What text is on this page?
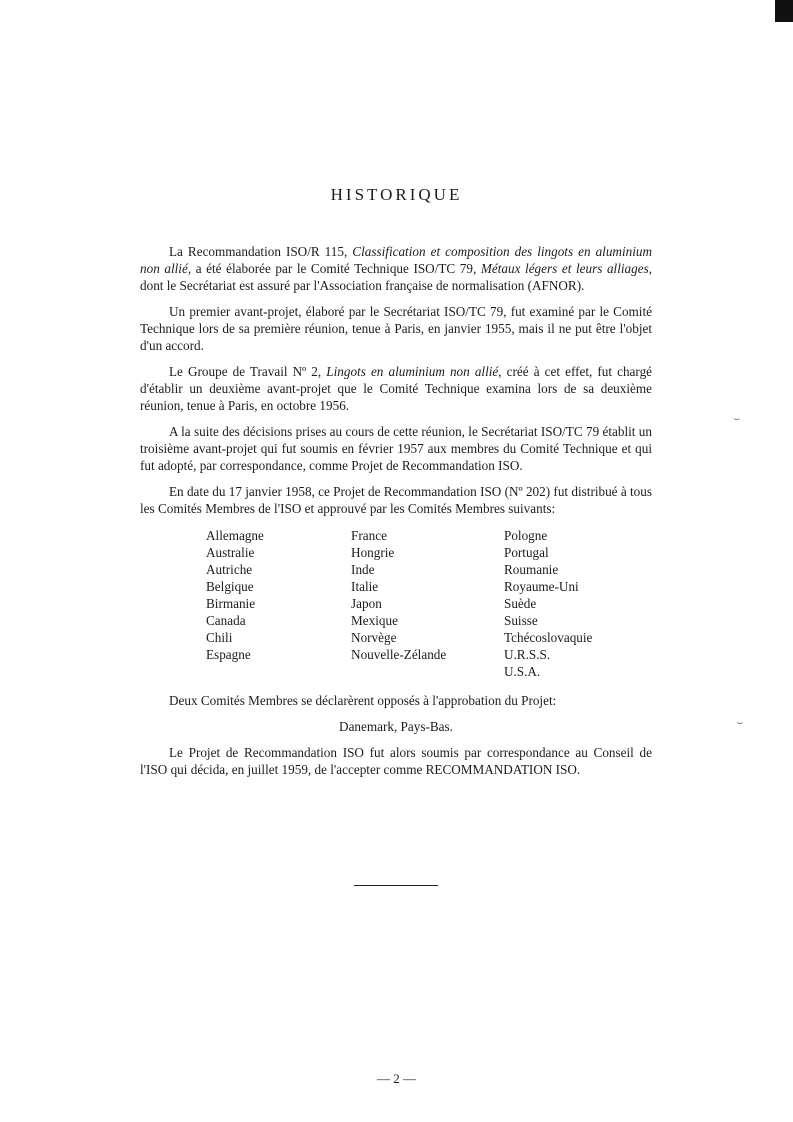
⌣
⌣
HISTORIQUE

La Recommandation ISO/R 115, Classification et composition des lingots en aluminium non allié, a été élaborée par le Comité Technique ISO/TC 79, Métaux légers et leurs alliages, dont le Secrétariat est assuré par l'Association française de normalisation (AFNOR).

Un premier avant-projet, élaboré par le Secrétariat ISO/TC 79, fut examiné par le Comité Technique lors de sa première réunion, tenue à Paris, en janvier 1955, mais il ne put être l'objet d'un accord.

Le Groupe de Travail Nº 2, Lingots en aluminium non allié, créé à cet effet, fut chargé d'établir un deuxième avant-projet que le Comité Technique examina lors de sa deuxième réunion, tenue à Paris, en octobre 1956.

A la suite des décisions prises au cours de cette réunion, le Secrétariat ISO/TC 79 établit un troisième avant-projet qui fut soumis en février 1957 aux membres du Comité Technique et qui fut adopté, par correspondance, comme Projet de Recommandation ISO.

En date du 17 janvier 1958, ce Projet de Recommandation ISO (Nº 202) fut distribué à tous les Comités Membres de l'ISO et approuvé par les Comités Membres suivants:

Allemagne
Australie
Autriche
Belgique
Birmanie
Canada
Chili
Espagne
France
Hongrie
Inde
Italie
Japon
Mexique
Norvège
Nouvelle-Zélande
Pologne
Portugal
Roumanie
Royaume-Uni
Suède
Suisse
Tchécoslovaquie
U.R.S.S.
U.S.A.

Deux Comités Membres se déclarèrent opposés à l'approbation du Projet:

Danemark, Pays-Bas.

Le Projet de Recommandation ISO fut alors soumis par correspondance au Conseil de l'ISO qui décida, en juillet 1959, de l'accepter comme RECOMMANDATION ISO.

— 2 —
